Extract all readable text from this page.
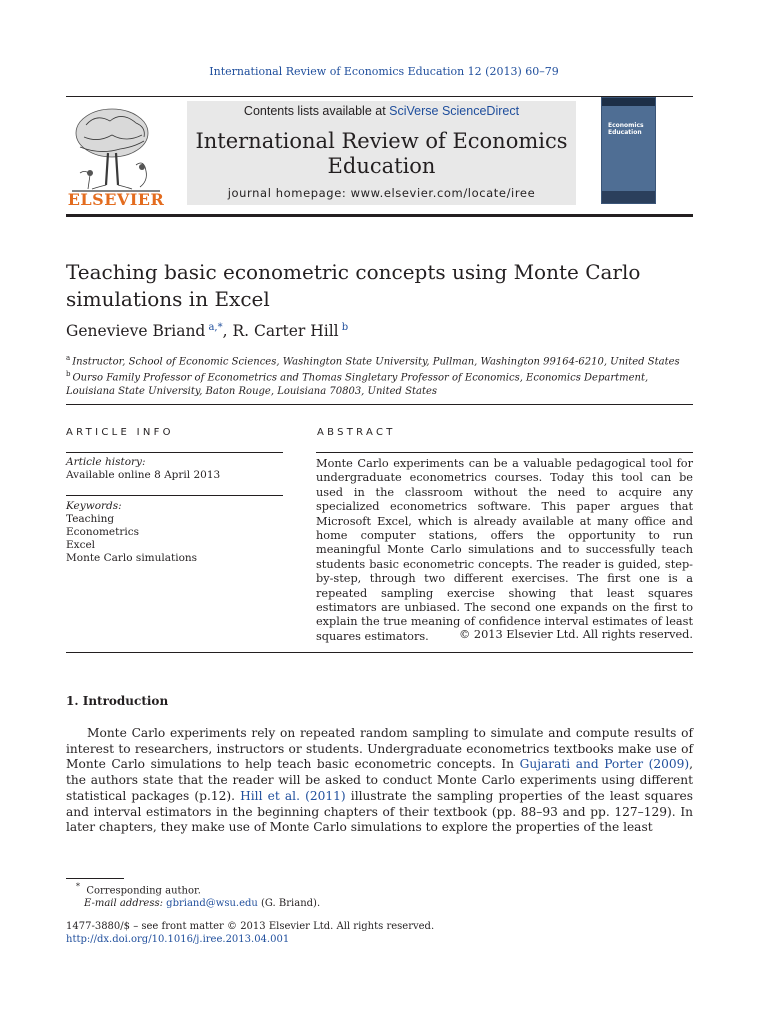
International Review of Economics Education 12 (2013) 60–79
ELSEVIER
Contents lists available at SciVerse ScienceDirect
International Review of Economics Education
journal homepage: www.elsevier.com/locate/iree
Economics Education
Teaching basic econometric concepts using Monte Carlo simulations in Excel
Genevieve Briand  $^{a,*}$, R. Carter Hill  $^b$
$^a$  Instructor, School of Economic Sciences, Washington State University, Pullman, Washington 99164-6210, United States
$^b$  Ourso Family Professor of Econometrics and Thomas Singletary Professor of Economics, Economics Department,
Louisiana State University, Baton Rouge, Louisiana 70803, United States
ARTICLE INFO
Article history:
Available online 8 April 2013
Keywords:
Teaching
Econometrics
Excel
Monte Carlo simulations
ABSTRACT
Monte Carlo experiments can be a valuable pedagogical tool for undergraduate econometrics courses. Today this tool can be used in the classroom without the need to acquire any specialized econometrics software. This paper argues that Microsoft Excel, which is already available at many office and home computer stations, offers the opportunity to run meaningful Monte Carlo simulations and to successfully teach students basic econometric concepts. The reader is guided, step-by-step, through two different exercises. The first one is a repeated sampling exercise showing that least squares estimators are unbiased. The second one expands on the first to explain the true meaning of confidence interval estimates of least squares estimators.	© 2013 Elsevier Ltd. All rights reserved.
1. Introduction
Monte Carlo experiments rely on repeated random sampling to simulate and compute results of interest to researchers, instructors or students. Undergraduate econometrics textbooks make use of Monte Carlo simulations to help teach basic econometric concepts. In Gujarati and Porter (2009), the authors state that the reader will be asked to conduct Monte Carlo experiments using different statistical packages (p.12). Hill et al. (2011) illustrate the sampling properties of the least squares and interval estimators in the beginning chapters of their textbook (pp. 88–93 and pp. 127–129). In later chapters, they make use of Monte Carlo simulations to explore the properties of the least
* Corresponding author.
E-mail address: gbriand@wsu.edu (G. Briand).
1477-3880/$ – see front matter © 2013 Elsevier Ltd. All rights reserved.
http://dx.doi.org/10.1016/j.iree.2013.04.001
